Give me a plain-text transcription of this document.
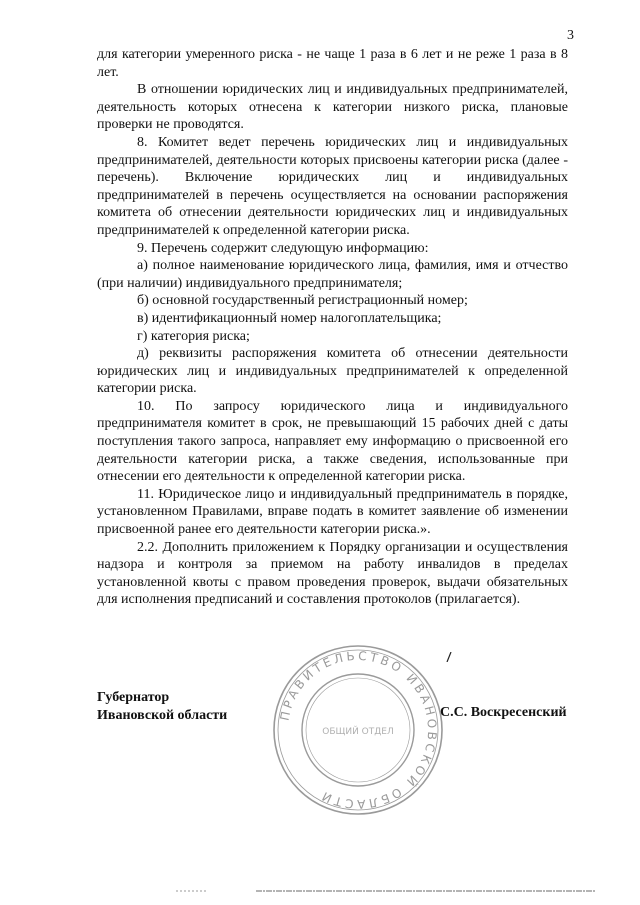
3

для категории умеренного риска - не чаще 1 раза в 6 лет и не реже 1 раза в 8 лет.

В отношении юридических лиц и индивидуальных предпринимателей, деятельность которых отнесена к категории низкого риска, плановые проверки не проводятся.

8. Комитет ведет перечень юридических лиц и индивидуальных предпринимателей, деятельности которых присвоены категории риска (далее - перечень). Включение юридических лиц и индивидуальных предпринимателей в перечень осуществляется на основании распоряжения комитета об отнесении деятельности юридических лиц и индивидуальных предпринимателей к определенной категории риска.

9. Перечень содержит следующую информацию:

а) полное наименование юридического лица, фамилия, имя и отчество (при наличии) индивидуального предпринимателя;

б) основной государственный регистрационный номер;

в) идентификационный номер налогоплательщика;

г) категория риска;

д) реквизиты распоряжения комитета об отнесении деятельности юридических лиц и индивидуальных предпринимателей к определенной категории риска.

10. По запросу юридического лица и индивидуального предпринимателя комитет в срок, не превышающий 15 рабочих дней с даты поступления такого запроса, направляет ему информацию о присвоенной его деятельности категории риска, а также сведения, использованные при отнесении его деятельности к определенной категории риска.

11. Юридическое лицо и индивидуальный предприниматель в порядке, установленном Правилами, вправе подать в комитет заявление об изменении присвоенной ранее его деятельности категории риска.».

2.2. Дополнить приложением к Порядку организации и осуществления надзора и контроля за приемом на работу инвалидов в пределах установленной квоты с правом проведения проверок, выдачи обязательных для исполнения предписаний и составления протоколов (прилагается).

Губернатор
Ивановской области	С.С. Воскресенский
ПРАВИТЕЛЬСТВО ИВАНОВСКОЙ ОБЛАСТИ
ОБЩИЙ ОТДЕЛ
